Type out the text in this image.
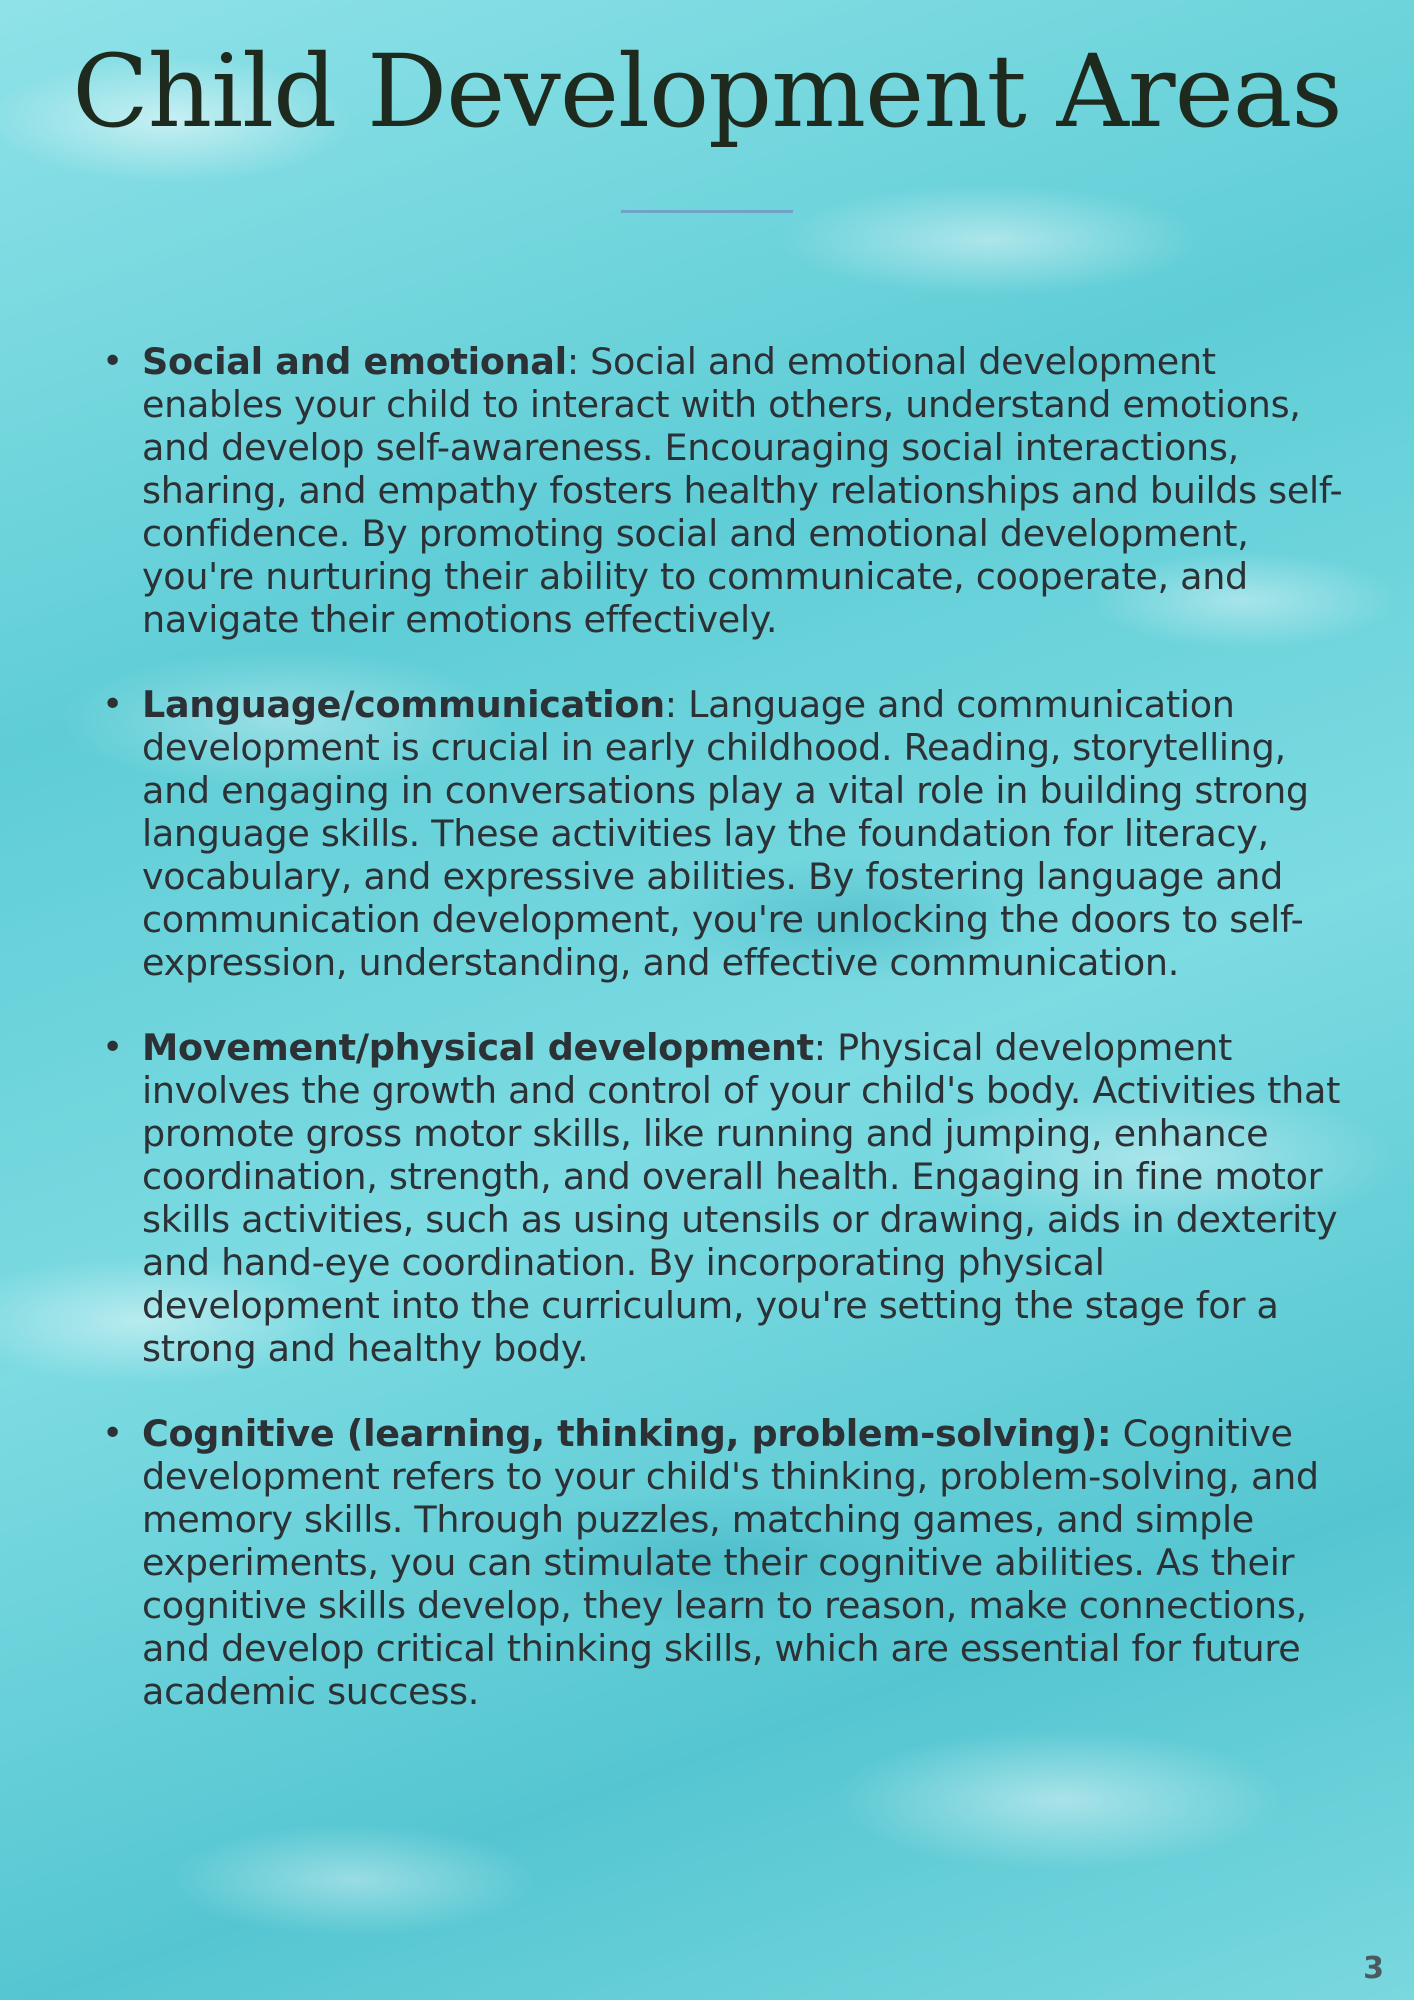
Child Development Areas
• Social and emotional: Social and emotional development enables your child to interact with others, understand emotions, and develop self-awareness. Encouraging social interactions, sharing, and empathy fosters healthy relationships and builds self-confidence. By promoting social and emotional development, you're nurturing their ability to communicate, cooperate, and navigate their emotions effectively.
• Language/communication: Language and communication development is crucial in early childhood. Reading, storytelling, and engaging in conversations play a vital role in building strong language skills. These activities lay the foundation for literacy, vocabulary, and expressive abilities. By fostering language and communication development, you're unlocking the doors to self-expression, understanding, and effective communication.
• Movement/physical development: Physical development involves the growth and control of your child's body. Activities that promote gross motor skills, like running and jumping, enhance coordination, strength, and overall health. Engaging in fine motor skills activities, such as using utensils or drawing, aids in dexterity and hand-eye coordination. By incorporating physical development into the curriculum, you're setting the stage for a strong and healthy body.
• Cognitive (learning, thinking, problem-solving): Cognitive development refers to your child's thinking, problem-solving, and memory skills. Through puzzles, matching games, and simple experiments, you can stimulate their cognitive abilities. As their cognitive skills develop, they learn to reason, make connections, and develop critical thinking skills, which are essential for future academic success.
3
